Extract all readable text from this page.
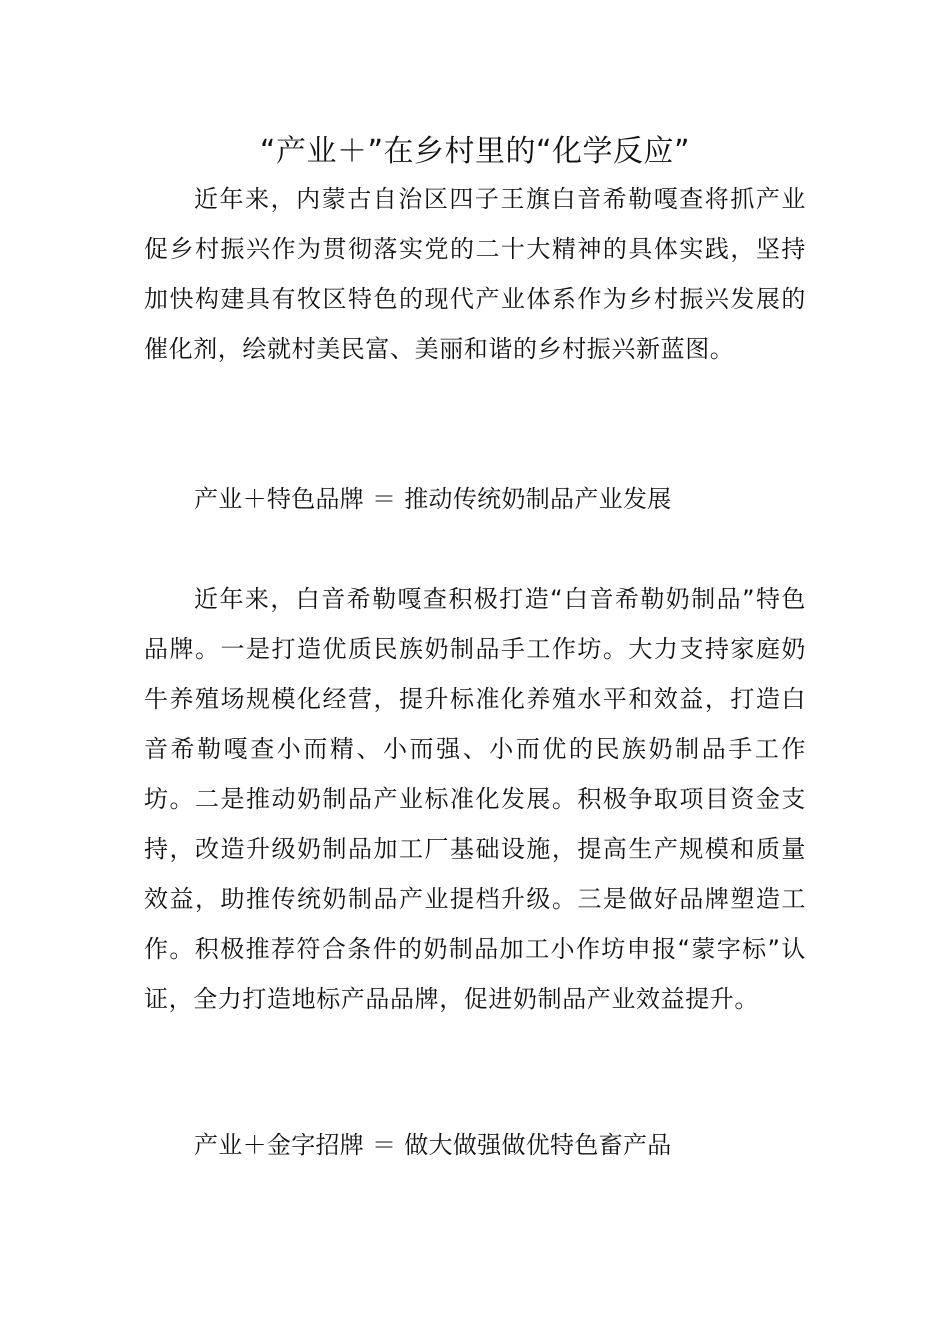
“产业＋”在乡村里的“化学反应”

近年来，内蒙古自治区四子王旗白音希勒嘎查将抓产业促乡村振兴作为贯彻落实党的二十大精神的具体实践，坚持加快构建具有牧区特色的现代产业体系作为乡村振兴发展的催化剂，绘就村美民富、美丽和谐的乡村振兴新蓝图。

产业＋特色品牌 ＝ 推动传统奶制品产业发展

近年来，白音希勒嘎查积极打造“白音希勒奶制品”特色品牌。一是打造优质民族奶制品手工作坊。大力支持家庭奶牛养殖场规模化经营，提升标准化养殖水平和效益，打造白音希勒嘎查小而精、小而强、小而优的民族奶制品手工作坊。二是推动奶制品产业标准化发展。积极争取项目资金支持，改造升级奶制品加工厂基础设施，提高生产规模和质量效益，助推传统奶制品产业提档升级。三是做好品牌塑造工作。积极推荐符合条件的奶制品加工小作坊申报“蒙字标”认证，全力打造地标产品品牌，促进奶制品产业效益提升。

产业＋金字招牌 ＝ 做大做强做优特色畜产品
